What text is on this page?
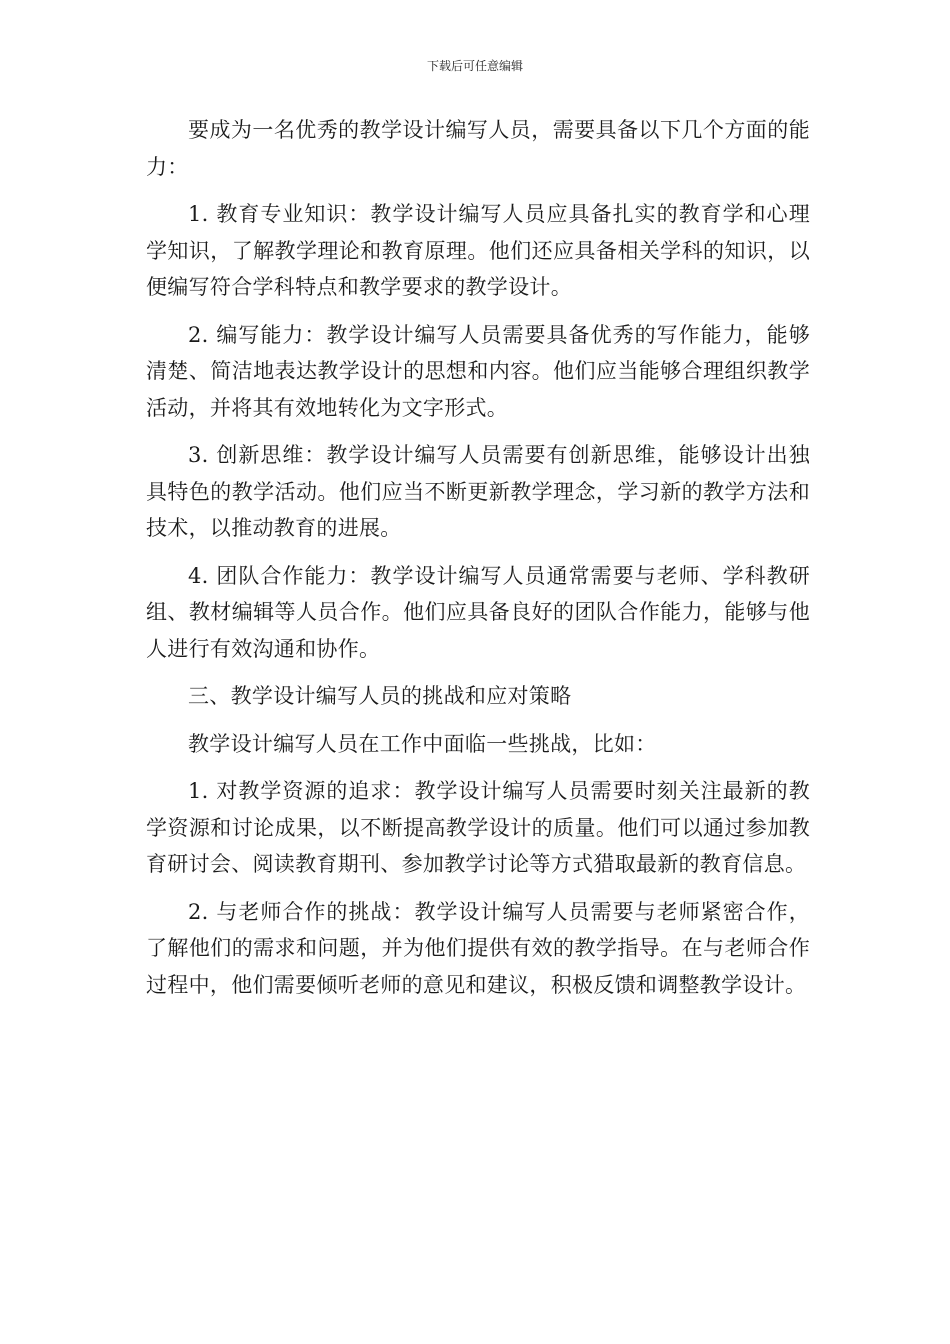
下载后可任意编辑

要成为一名优秀的教学设计编写人员，需要具备以下几个方面的能力：

1. 教育专业知识：教学设计编写人员应具备扎实的教育学和心理学知识，了解教学理论和教育原理。他们还应具备相关学科的知识，以便编写符合学科特点和教学要求的教学设计。

2. 编写能力：教学设计编写人员需要具备优秀的写作能力，能够清楚、简洁地表达教学设计的思想和内容。他们应当能够合理组织教学活动，并将其有效地转化为文字形式。

3. 创新思维：教学设计编写人员需要有创新思维，能够设计出独具特色的教学活动。他们应当不断更新教学理念，学习新的教学方法和技术，以推动教育的进展。

4. 团队合作能力：教学设计编写人员通常需要与老师、学科教研组、教材编辑等人员合作。他们应具备良好的团队合作能力，能够与他人进行有效沟通和协作。

三、教学设计编写人员的挑战和应对策略

教学设计编写人员在工作中面临一些挑战，比如：

1. 对教学资源的追求：教学设计编写人员需要时刻关注最新的教学资源和讨论成果，以不断提高教学设计的质量。他们可以通过参加教育研讨会、阅读教育期刊、参加教学讨论等方式猎取最新的教育信息。

2. 与老师合作的挑战：教学设计编写人员需要与老师紧密合作，了解他们的需求和问题，并为他们提供有效的教学指导。在与老师合作过程中，他们需要倾听老师的意见和建议，积极反馈和调整教学设计。
